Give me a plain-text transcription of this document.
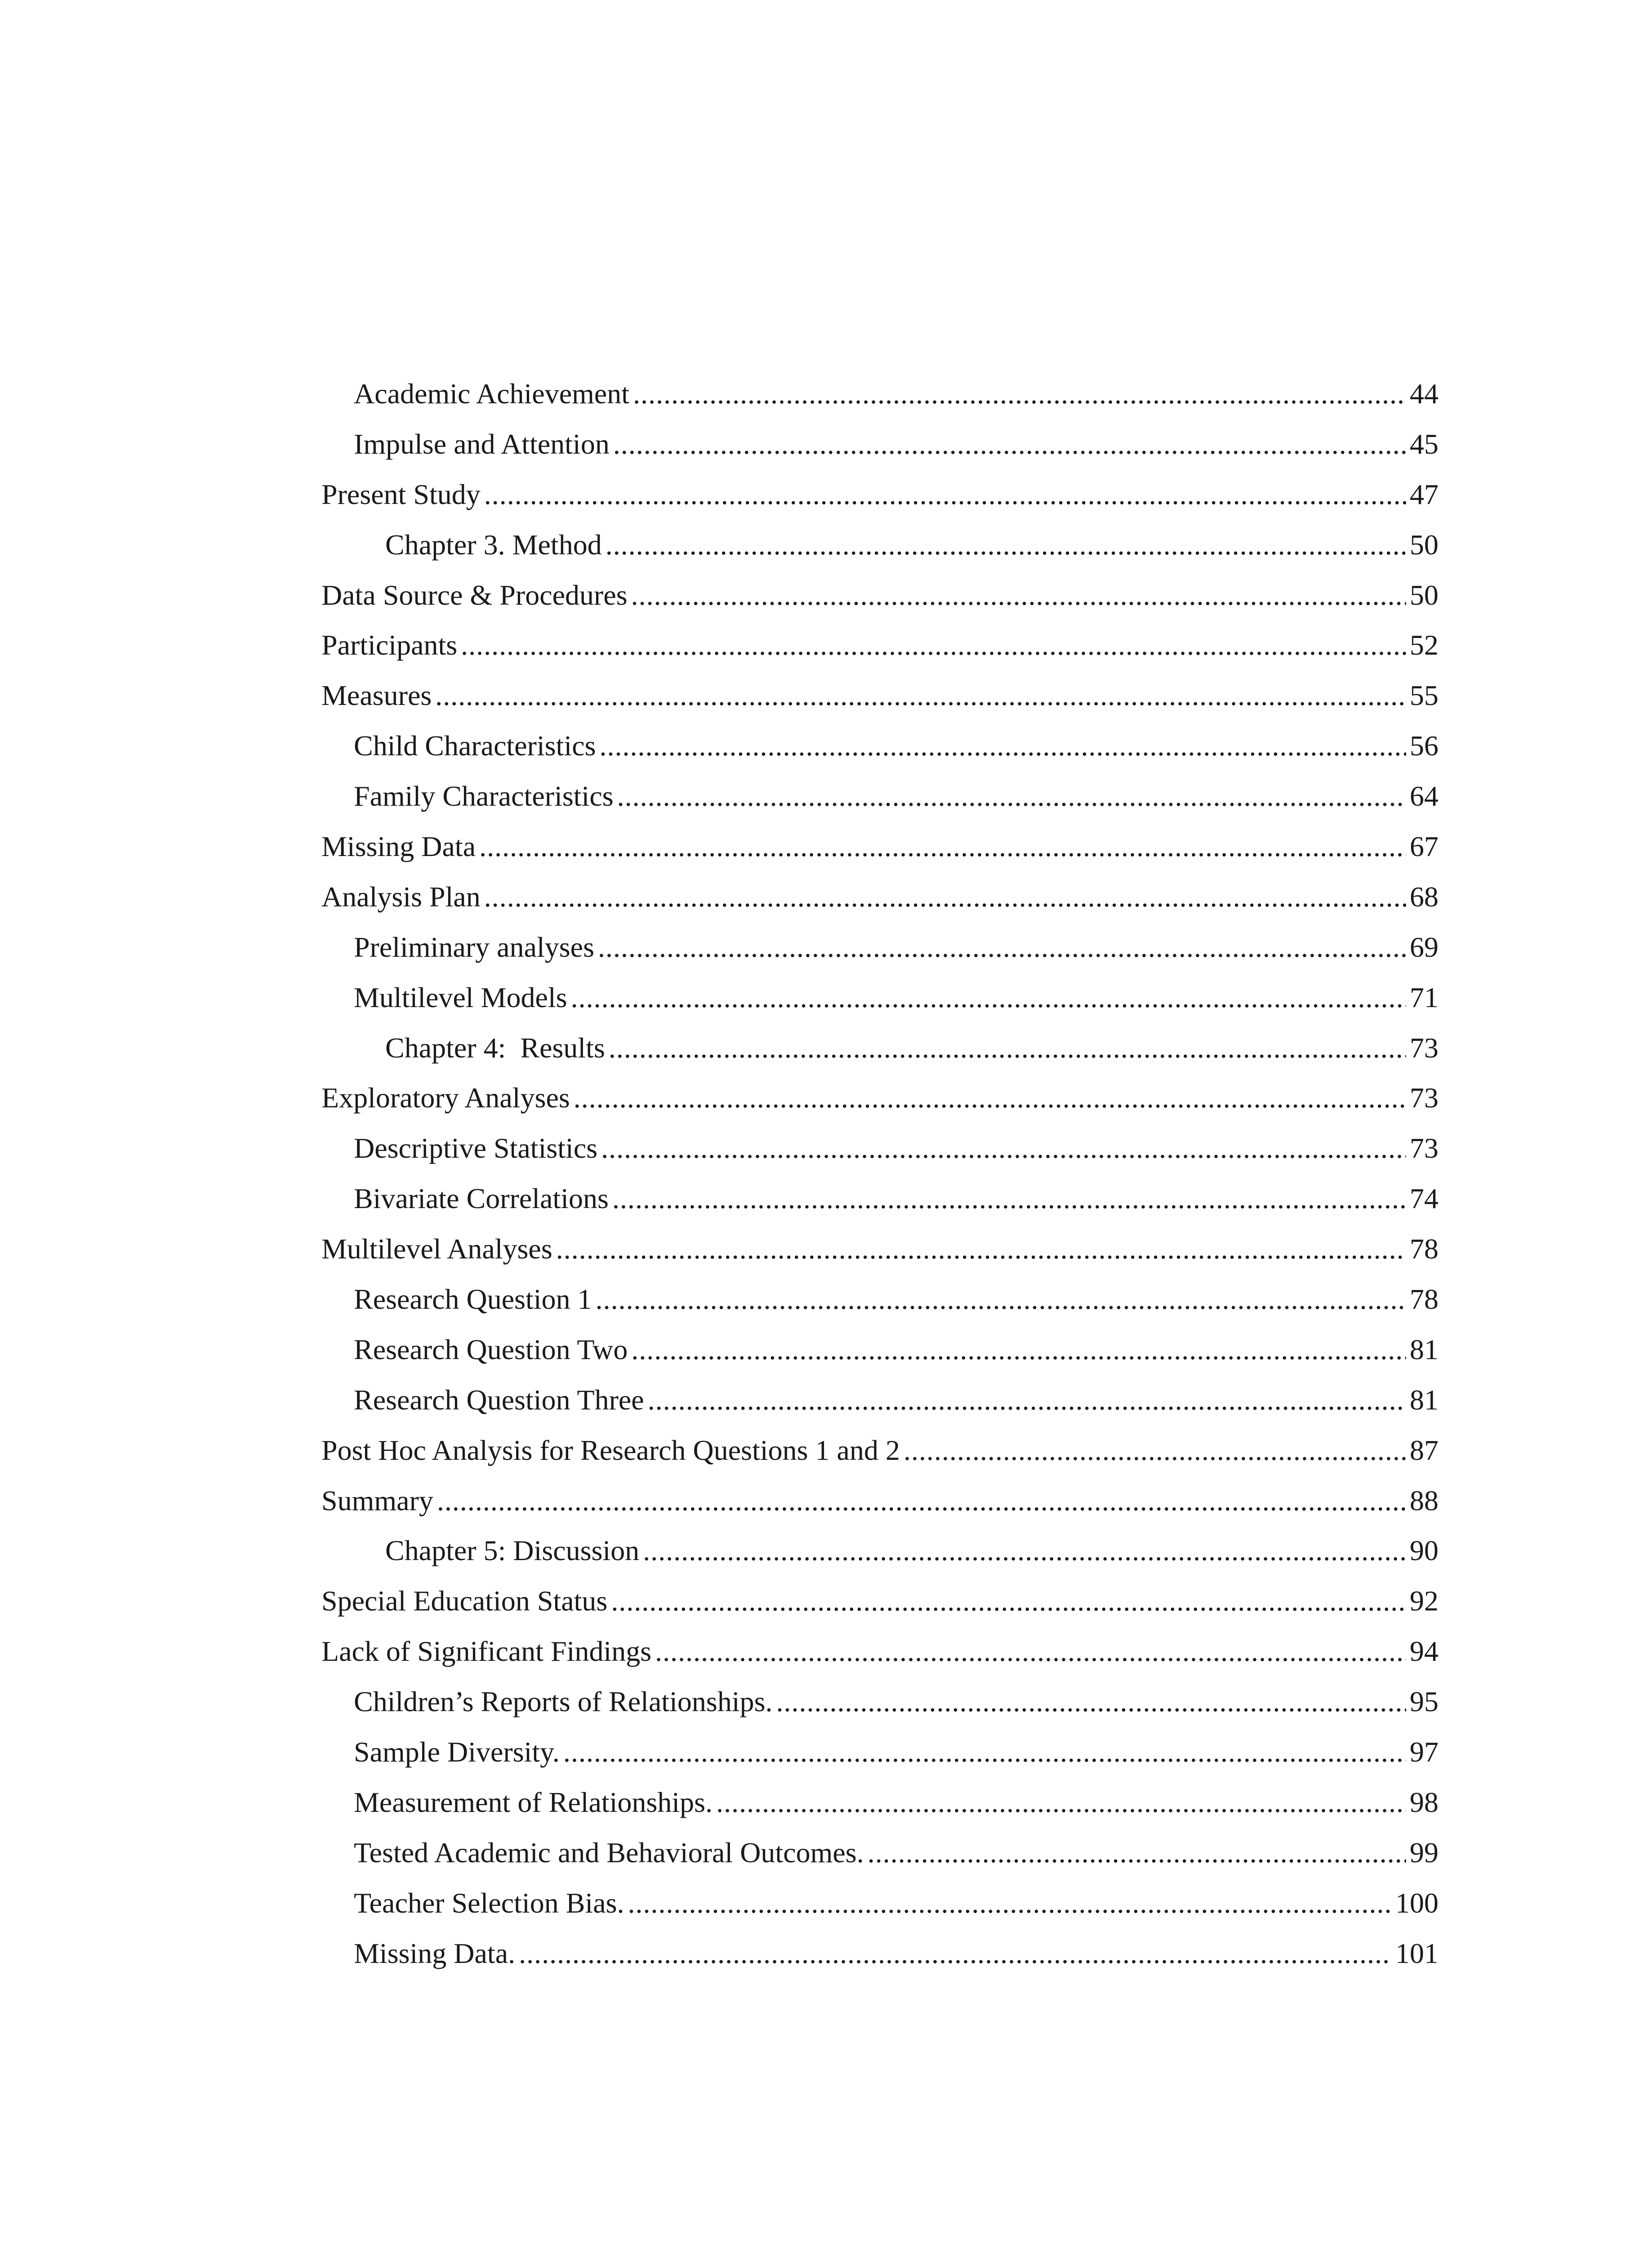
Academic Achievement .....	44
Impulse and Attention .....	45
Present Study .....	47
Chapter 3. Method .....	50
Data Source & Procedures .....	50
Participants .....	52
Measures .....	55
Child Characteristics .....	56
Family Characteristics .....	64
Missing Data .....	67
Analysis Plan .....	68
Preliminary analyses .....	69
Multilevel Models .....	71
Chapter 4:  Results .....	73
Exploratory Analyses .....	73
Descriptive Statistics .....	73
Bivariate Correlations .....	74
Multilevel Analyses .....	78
Research Question 1 .....	78
Research Question Two .....	81
Research Question Three .....	81
Post Hoc Analysis for Research Questions 1 and 2 .....	87
Summary .....	88
Chapter 5: Discussion .....	90
Special Education Status .....	92
Lack of Significant Findings .....	94
Children’s Reports of Relationships. .....	95
Sample Diversity. .....	97
Measurement of Relationships. .....	98
Tested Academic and Behavioral Outcomes. .....	99
Teacher Selection Bias. .....	100
Missing Data. .....	101
